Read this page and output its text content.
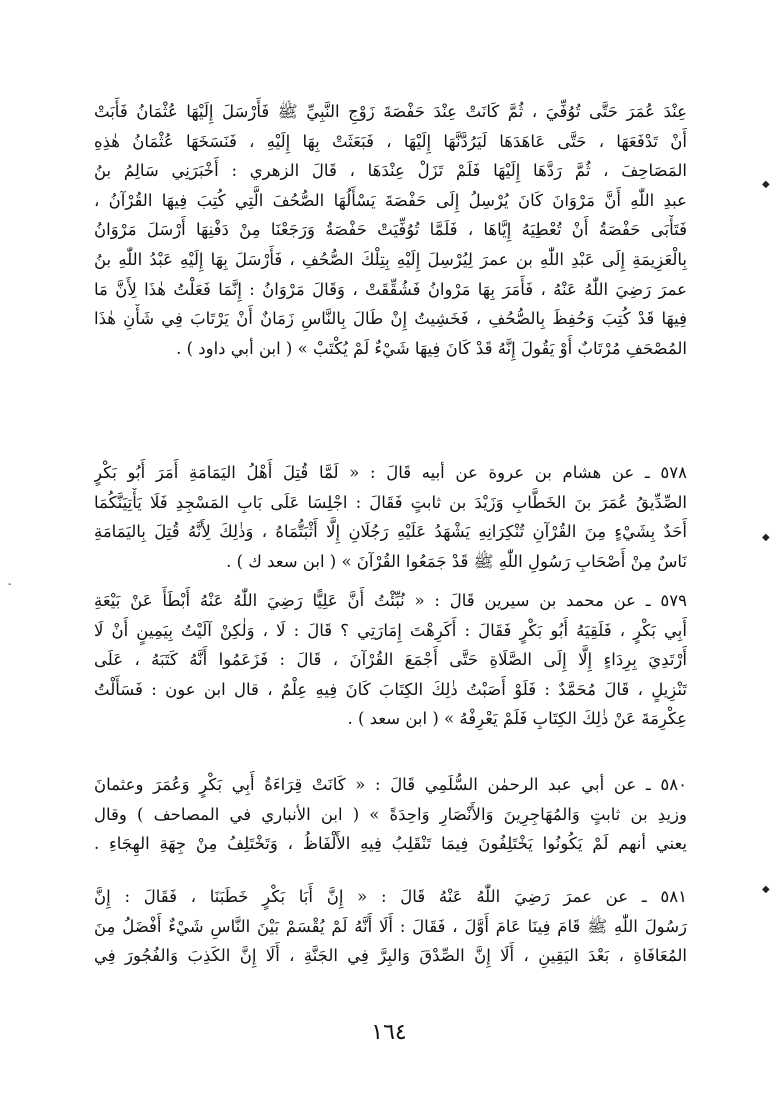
عِنْدَ عُمَرَ حَتَّى تُوُفِّيَ ، ثُمَّ كَانَتْ عِنْدَ حَفْصَةَ زَوْجِ النَّبِيِّ ﷺ فَأَرْسَلَ إِلَيْهَا عُثْمَانُ فَأَبَتْ
أَنْ تَدْفَعَهَا ، حَتَّى عَاهَدَهَا لَيَرُدَّنَّهَا إِلَيْهَا ، فَبَعَثَتْ بِهَا إِلَيْهِ ، فَنَسَخَهَا عُثْمَانُ هٰذِهِ
المَصَاحِفَ ، ثُمَّ رَدَّهَا إِلَيْهَا فَلَمْ تَزَلْ عِنْدَهَا ، قَالَ الزهري : أَخْبَرَنِي سَالِمُ بنُ
عبدِ اللّٰهِ أَنَّ مَرْوَانَ كَانَ يُرْسِلُ إِلَى حَفْصَةَ يَسْأَلُهَا الصُّحُفَ الَّتِي كُتِبَ فِيهَا القُرْآنُ ،
فَتَأْبَى حَفْصَةُ أَنْ تُعْطِيَهُ إِيَّاهَا ، فَلَمَّا تُوُفِّيَتْ حَفْصَةُ وَرَجَعْنَا مِنْ دَفْنِهَا أَرْسَلَ مَرْوَانُ
بِالْعَزِيمَةِ إِلَى عَبْدِ اللّٰهِ بن عمرَ لِيُرْسِلَ إِلَيْهِ بِتِلْكَ الصُّحُفِ ، فَأَرْسَلَ بِهَا إِلَيْهِ عَبْدُ اللّٰهِ بنُ
عمرَ رَضِيَ اللّٰهُ عَنْهُ ، فَأَمَرَ بِهَا مَرْوانُ فَشُقِّقَتْ ، وَقَالَ مَرْوَانُ : إِنَّمَا فَعَلْتُ هٰذَا لِأَنَّ مَا
فِيهَا قَدْ كُتِبَ وَحُفِظَ بِالصُّحُفِ ، فَخَشِيتُ إِنْ طَالَ بِالنَّاسِ زَمَانٌ أَنْ يَرْتَابَ فِي شَأْنِ هٰذَا
المُصْحَفِ مُرْتَابٌ أَوْ يَقُولَ إِنَّهُ قَدْ كَانَ فِيهَا شَيْءٌ لَمْ يُكْتَبْ » ( ابن أبي داود ) .
٥٧٨ ـ عن هشام بن عروة عن أبيه قَالَ : « لَمَّا قُتِلَ أَهْلُ اليَمَامَةِ أَمَرَ أَبُو بَكْرٍ
الصِّدِّيقُ عُمَرَ بنَ الخَطَّابِ وَزَيْدَ بن ثابتٍ فَقَالَ : اجْلِسَا عَلَى بَابِ المَسْجِدِ فَلَا يَأْتِيَنَّكُمَا
أَحَدٌ بِشَيْءٍ مِنَ القُرْآنِ تُنْكِرَانِهِ يَشْهَدُ عَلَيْهِ رَجُلَانِ إِلَّا أَثْبَتُّمَاهُ ، وَذٰلِكَ لِأَنَّهُ قُتِلَ بِاليَمَامَةِ
نَاسٌ مِنْ أَصْحَابِ رَسُولِ اللّٰهِ ﷺ قَدْ جَمَعُوا القُرْآنَ » ( ابن سعد ك ) .
٥٧٩ ـ عن محمد بن سيرين قَالَ : « نُبِّئْتُ أَنَّ عَلِيًّا رَضِيَ اللّٰهُ عَنْهُ أَبْطَأَ عَنْ بَيْعَةِ
أَبِي بَكْرٍ ، فَلَقِيَهُ أَبُو بَكْرٍ فَقَالَ : أَكَرِهْتَ إِمَارَتِي ؟ قَالَ : لَا ، وَلٰكِنْ آلَيْتُ بِيَمِينٍ أَنْ لَا
أَرْتَدِيَ بِرِدَاءٍ إِلَّا إِلَى الصَّلَاةِ حَتَّى أَجْمَعَ القُرْآنَ ، قَالَ : فَزَعَمُوا أَنَّهُ كَتَبَهُ ، عَلَى
تَنْزِيلٍ ، قَالَ مُحَمَّدٌ : فَلَوْ أَصَبْتُ ذٰلِكَ الكِتَابَ كَانَ فِيهِ عِلْمٌ ، قال ابن عون : فَسَأَلْتُ
عِكْرِمَةَ عَنْ ذٰلِكَ الكِتَابِ فَلَمْ يَعْرِفْهُ » ( ابن سعد ) .
٥٨٠ ـ عن أبي عبد الرحمٰن السُّلَمِي قَالَ : « كَانَتْ قِرَاءَةُ أَبِي بَكْرٍ وَعُمَرَ وعثمانَ
وزيدِ بن ثابتٍ وَالمُهَاجِرِينَ وَالأَنْصَارِ وَاحِدَةً » ( ابن الأنباري في المصاحف ) وقال
يعني أنهم لَمْ يَكُونُوا يَخْتَلِفُونَ فِيمَا تَنْقَلِبُ فِيهِ الأَلْفَاظُ ، وَتَخْتَلِفُ مِنْ جِهَةِ الهِجَاءِ .
٥٨١ ـ عن عمرَ رَضِيَ اللّٰهُ عَنْهُ قَالَ : « إِنَّ أَبَا بَكْرٍ خَطَبَنَا ، فَقَالَ : إِنَّ
رَسُولَ اللّٰهِ ﷺ قَامَ فِينَا عَامَ أَوَّلَ ، فَقَالَ : أَلَا أَنَّهُ لَمْ يُقْسَمْ بَيْنَ النَّاسِ شَيْءٌ أَفْضَلُ مِنَ
المُعَافَاةِ ، بَعْدَ اليَقِينِ ، أَلَا إِنَّ الصِّدْقَ وَالبِرَّ فِي الجَنَّةِ ، أَلَا إِنَّ الكَذِبَ وَالفُجُورَ فِي
١٦٤
◆
◆
◆
-
